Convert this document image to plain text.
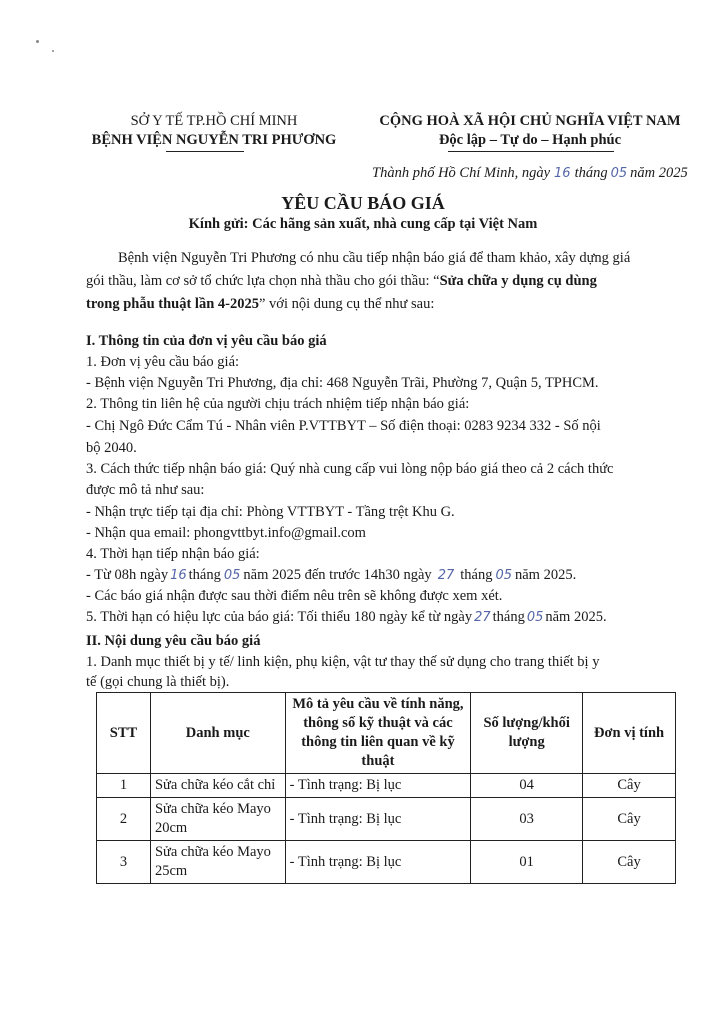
SỞ Y TẾ TP.HỒ CHÍ MINH
BỆNH VIỆN NGUYỄN TRI PHƯƠNG
CỘNG HOÀ XÃ HỘI CHỦ NGHĨA VIỆT NAM
Độc lập – Tự do – Hạnh phúc
Thành phố Hồ Chí Minh, ngày 16 tháng 05 năm 2025
YÊU CẦU BÁO GIÁ
Kính gửi: Các hãng sản xuất, nhà cung cấp tại Việt Nam
Bệnh viện Nguyễn Tri Phương có nhu cầu tiếp nhận báo giá để tham khảo, xây dựng giá
gói thầu, làm cơ sở tổ chức lựa chọn nhà thầu cho gói thầu: “Sửa chữa y dụng cụ dùng
trong phẫu thuật lần 4-2025” với nội dung cụ thể như sau:
I. Thông tin của đơn vị yêu cầu báo giá
1. Đơn vị yêu cầu báo giá:
- Bệnh viện Nguyễn Tri Phương, địa chỉ: 468 Nguyễn Trãi, Phường 7, Quận 5, TPHCM.
2. Thông tin liên hệ của người chịu trách nhiệm tiếp nhận báo giá:
- Chị Ngô Đức Cẩm Tú - Nhân viên P.VTTBYT – Số điện thoại: 0283 9234 332 - Số nội
bộ 2040.
3. Cách thức tiếp nhận báo giá: Quý nhà cung cấp vui lòng nộp báo giá theo cả 2 cách thức
được mô tả như sau:
- Nhận trực tiếp tại địa chỉ: Phòng VTTBYT - Tầng trệt Khu G.
- Nhận qua email: phongvttbyt.info@gmail.com
4. Thời hạn tiếp nhận báo giá:
- Từ 08h ngày 16 tháng 05 năm 2025 đến trước 14h30 ngày 27 tháng 05 năm 2025.
- Các báo giá nhận được sau thời điểm nêu trên sẽ không được xem xét.
5. Thời hạn có hiệu lực của báo giá: Tối thiểu 180 ngày kể từ ngày 27 tháng 05 năm 2025.
II. Nội dung yêu cầu báo giá
1. Danh mục thiết bị y tế/ linh kiện, phụ kiện, vật tư thay thế sử dụng cho trang thiết bị y
tế (gọi chung là thiết bị).
STT	Danh mục	Mô tả yêu cầu về tính năng, thông số kỹ thuật và các thông tin liên quan về kỹ thuật	Số lượng/khối lượng	Đơn vị tính
1	Sửa chữa kéo cắt chỉ	- Tình trạng: Bị lục	04	Cây
2	Sửa chữa kéo Mayo 20cm	- Tình trạng: Bị lục	03	Cây
3	Sửa chữa kéo Mayo 25cm	- Tình trạng: Bị lục	01	Cây
